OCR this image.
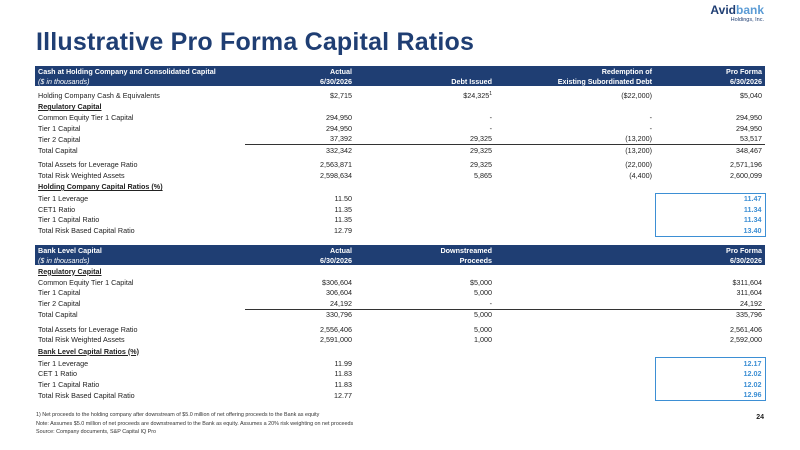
Illustrative Pro Forma Capital Ratios
Avidbank
Holdings, Inc.
Cash at Holding Company and Consolidated Capital	Actual		Redemption of	Pro Forma
($ in thousands)	6/30/2026	Debt Issued	Existing Subordinated Debt	6/30/2026

Holding Company Cash & Equivalents	$2,715	$24,325$^1$	($22,000)	$5,040
Regulatory Capital				
Common Equity Tier 1 Capital	294,950	-	-	294,950
Tier 1 Capital	294,950	-	-	294,950
Tier 2 Capital	37,392	29,325	(13,200)	53,517
Total Capital	332,342	29,325	(13,200)	348,467

Total Assets for Leverage Ratio	2,563,871	29,325	(22,000)	2,571,196
Total Risk Weighted Assets	2,598,634	5,865	(4,400)	2,600,099
Holding Company Capital Ratios (%)				
Tier 1 Leverage	11.50			11.47
CET1 Ratio	11.35			11.34
Tier 1 Capital Ratio	11.35			11.34
Total Risk Based Capital Ratio	12.79			13.40
Bank Level Capital	Actual	Downstreamed		Pro Forma
($ in thousands)	6/30/2026	Proceeds		6/30/2026
Regulatory Capital				
Common Equity Tier 1 Capital	$306,604	$5,000		$311,604
Tier 1 Capital	306,604	5,000		311,604
Tier 2 Capital	24,192	-		24,192
Total Capital	330,796	5,000		335,796

Total Assets for Leverage Ratio	2,556,406	5,000		2,561,406
Total Risk Weighted Assets	2,591,000	1,000		2,592,000
Bank Level Capital Ratios (%)				
Tier 1 Leverage	11.99			12.17
CET 1 Ratio	11.83			12.02
Tier 1 Capital Ratio	11.83			12.02
Total Risk Based Capital Ratio	12.77			12.96
1) Net proceeds to the holding company after downstream of $5.0 million of net offering proceeds to the Bank as equity
Note: Assumes $5.0 million of net proceeds are downstreamed to the Bank as equity. Assumes a 20% risk weighting on net proceeds
Source: Company documents, S&P Capital IQ Pro
24
